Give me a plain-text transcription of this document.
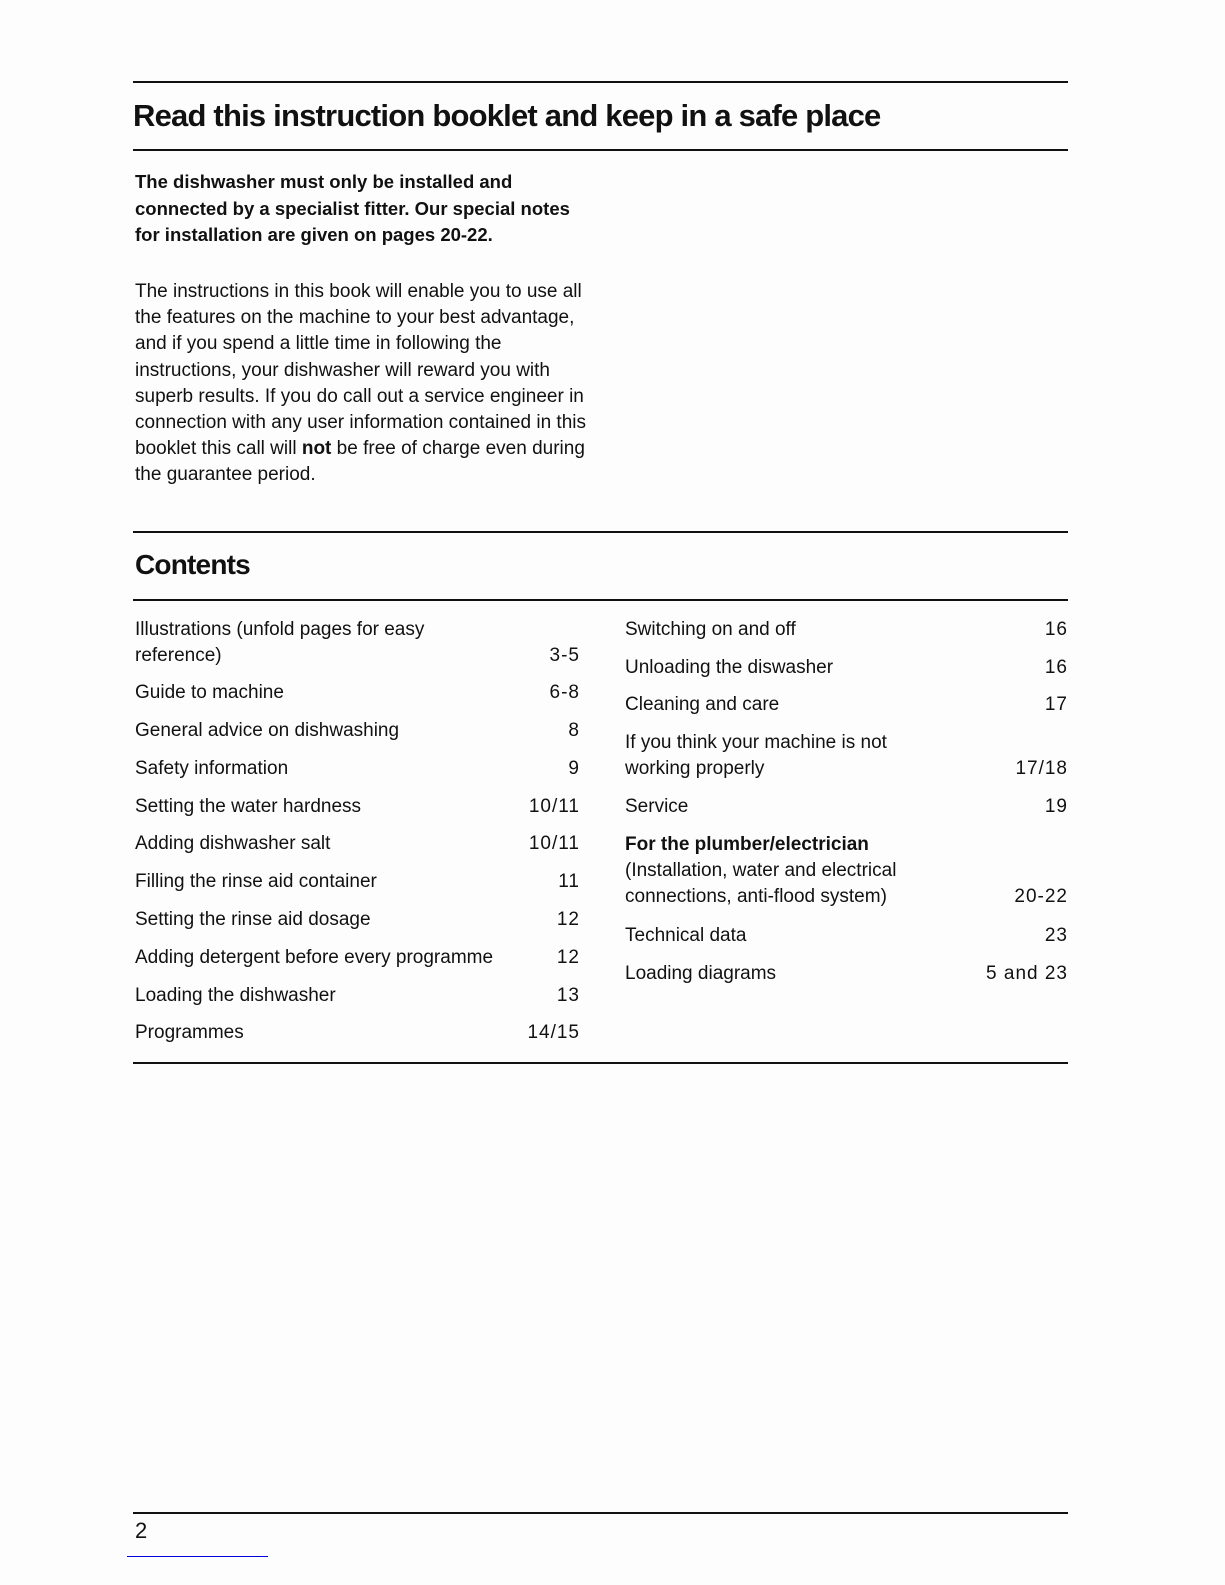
Read this instruction booklet and keep in a safe place
The dishwasher must only be installed and connected by a specialist fitter. Our special notes for installation are given on pages 20-22.
The instructions in this book will enable you to use all the features on the machine to your best advantage, and if you spend a little time in following the instructions, your dishwasher will reward you with superb results. If you do call out a service engineer in connection with any user information contained in this booklet this call will not be free of charge even during the guarantee period.
Contents
Illustrations (unfold pages for easy reference)	3-5
Guide to machine	6-8
General advice on dishwashing	8
Safety information	9
Setting the water hardness	10/11
Adding dishwasher salt	10/11
Filling the rinse aid container	11
Setting the rinse aid dosage	12
Adding detergent before every programme	12
Loading the dishwasher	13
Programmes	14/15
Switching on and off	16
Unloading the diswasher	16
Cleaning and care	17
If you think your machine is not working properly	17/18
Service	19
For the plumber/electrician
(Installation, water and electrical connections, anti-flood system)	20-22
Technical data	23
Loading diagrams	5 and 23
2
